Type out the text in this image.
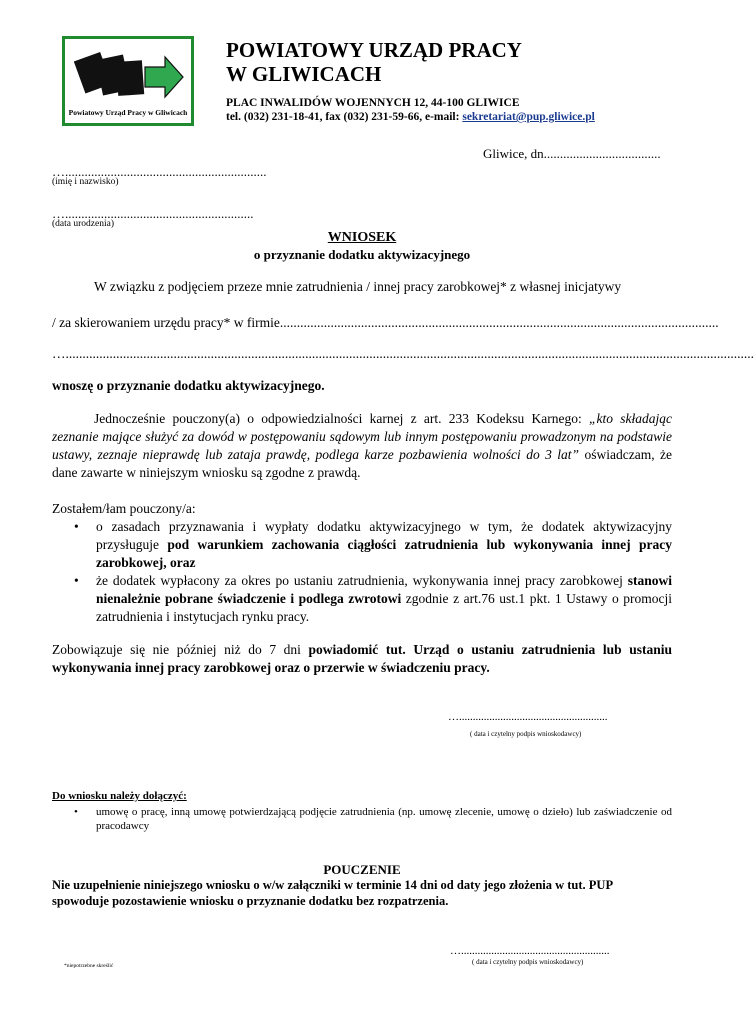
Powiatowy Urząd Pracy w Gliwicach
POWIATOWY URZĄD PRACY
W GLIWICACH
PLAC INWALIDÓW WOJENNYCH 12, 44-100 GLIWICE
tel. (032) 231-18-41, fax (032) 231-59-66, e-mail: sekretariat@pup.gliwice.pl
Gliwice, dn....................................
…..............................................................
(imię i nazwisko)
…..........................................................
(data urodzenia)
WNIOSEK
o przyznanie dodatku aktywizacyjnego
W związku z podjęciem przeze mnie zatrudnienia / innej pracy zarobkowej* z własnej inicjatywy
/ za skierowaniem urzędu pracy* w firmie..................................................................................................................................
…............................................................................................................................................................................................................
wnoszę o przyznanie dodatku aktywizacyjnego.
Jednocześnie pouczony(a) o odpowiedzialności karnej z art. 233 Kodeksu Karnego: „kto składając zeznanie mające służyć za dowód w postępowaniu sądowym lub innym postępowaniu prowadzonym na podstawie ustawy, zeznaje nieprawdę lub zataja prawdę, podlega karze pozbawienia wolności do 3 lat” oświadczam, że dane zawarte w niniejszym wniosku są zgodne z prawdą.
Zostałem/łam pouczony/a:
• o zasadach przyznawania i wypłaty dodatku aktywizacyjnego w tym, że dodatek aktywizacyjny przysługuje pod warunkiem zachowania ciągłości zatrudnienia lub wykonywania innej pracy zarobkowej, oraz
• że dodatek wypłacony za okres po ustaniu zatrudnienia, wykonywania innej pracy zarobkowej stanowi nienależnie pobrane świadczenie i podlega zwrotowi zgodnie z art.76 ust.1 pkt. 1 Ustawy o promocji zatrudnienia i instytucjach rynku pracy.
Zobowiązuje się nie później niż do 7 dni powiadomić tut. Urząd o ustaniu zatrudnienia lub ustaniu wykonywania innej pracy zarobkowej oraz o przerwie w świadczeniu pracy.
…......................................................
( data i czytelny podpis wnioskodawcy)
Do wniosku należy dołączyć:
• umowę o pracę, inną umowę potwierdzającą podjęcie zatrudnienia (np. umowę zlecenie, umowę o dzieło) lub zaświadczenie od pracodawcy
POUCZENIE
Nie uzupełnienie niniejszego wniosku o w/w załączniki w terminie 14 dni od daty jego złożenia w tut. PUP spowoduje pozostawienie wniosku o przyznanie dodatku bez rozpatrzenia.
…......................................................
( data i czytelny podpis wnioskodawcy)
*niepotrzebne skreślić
